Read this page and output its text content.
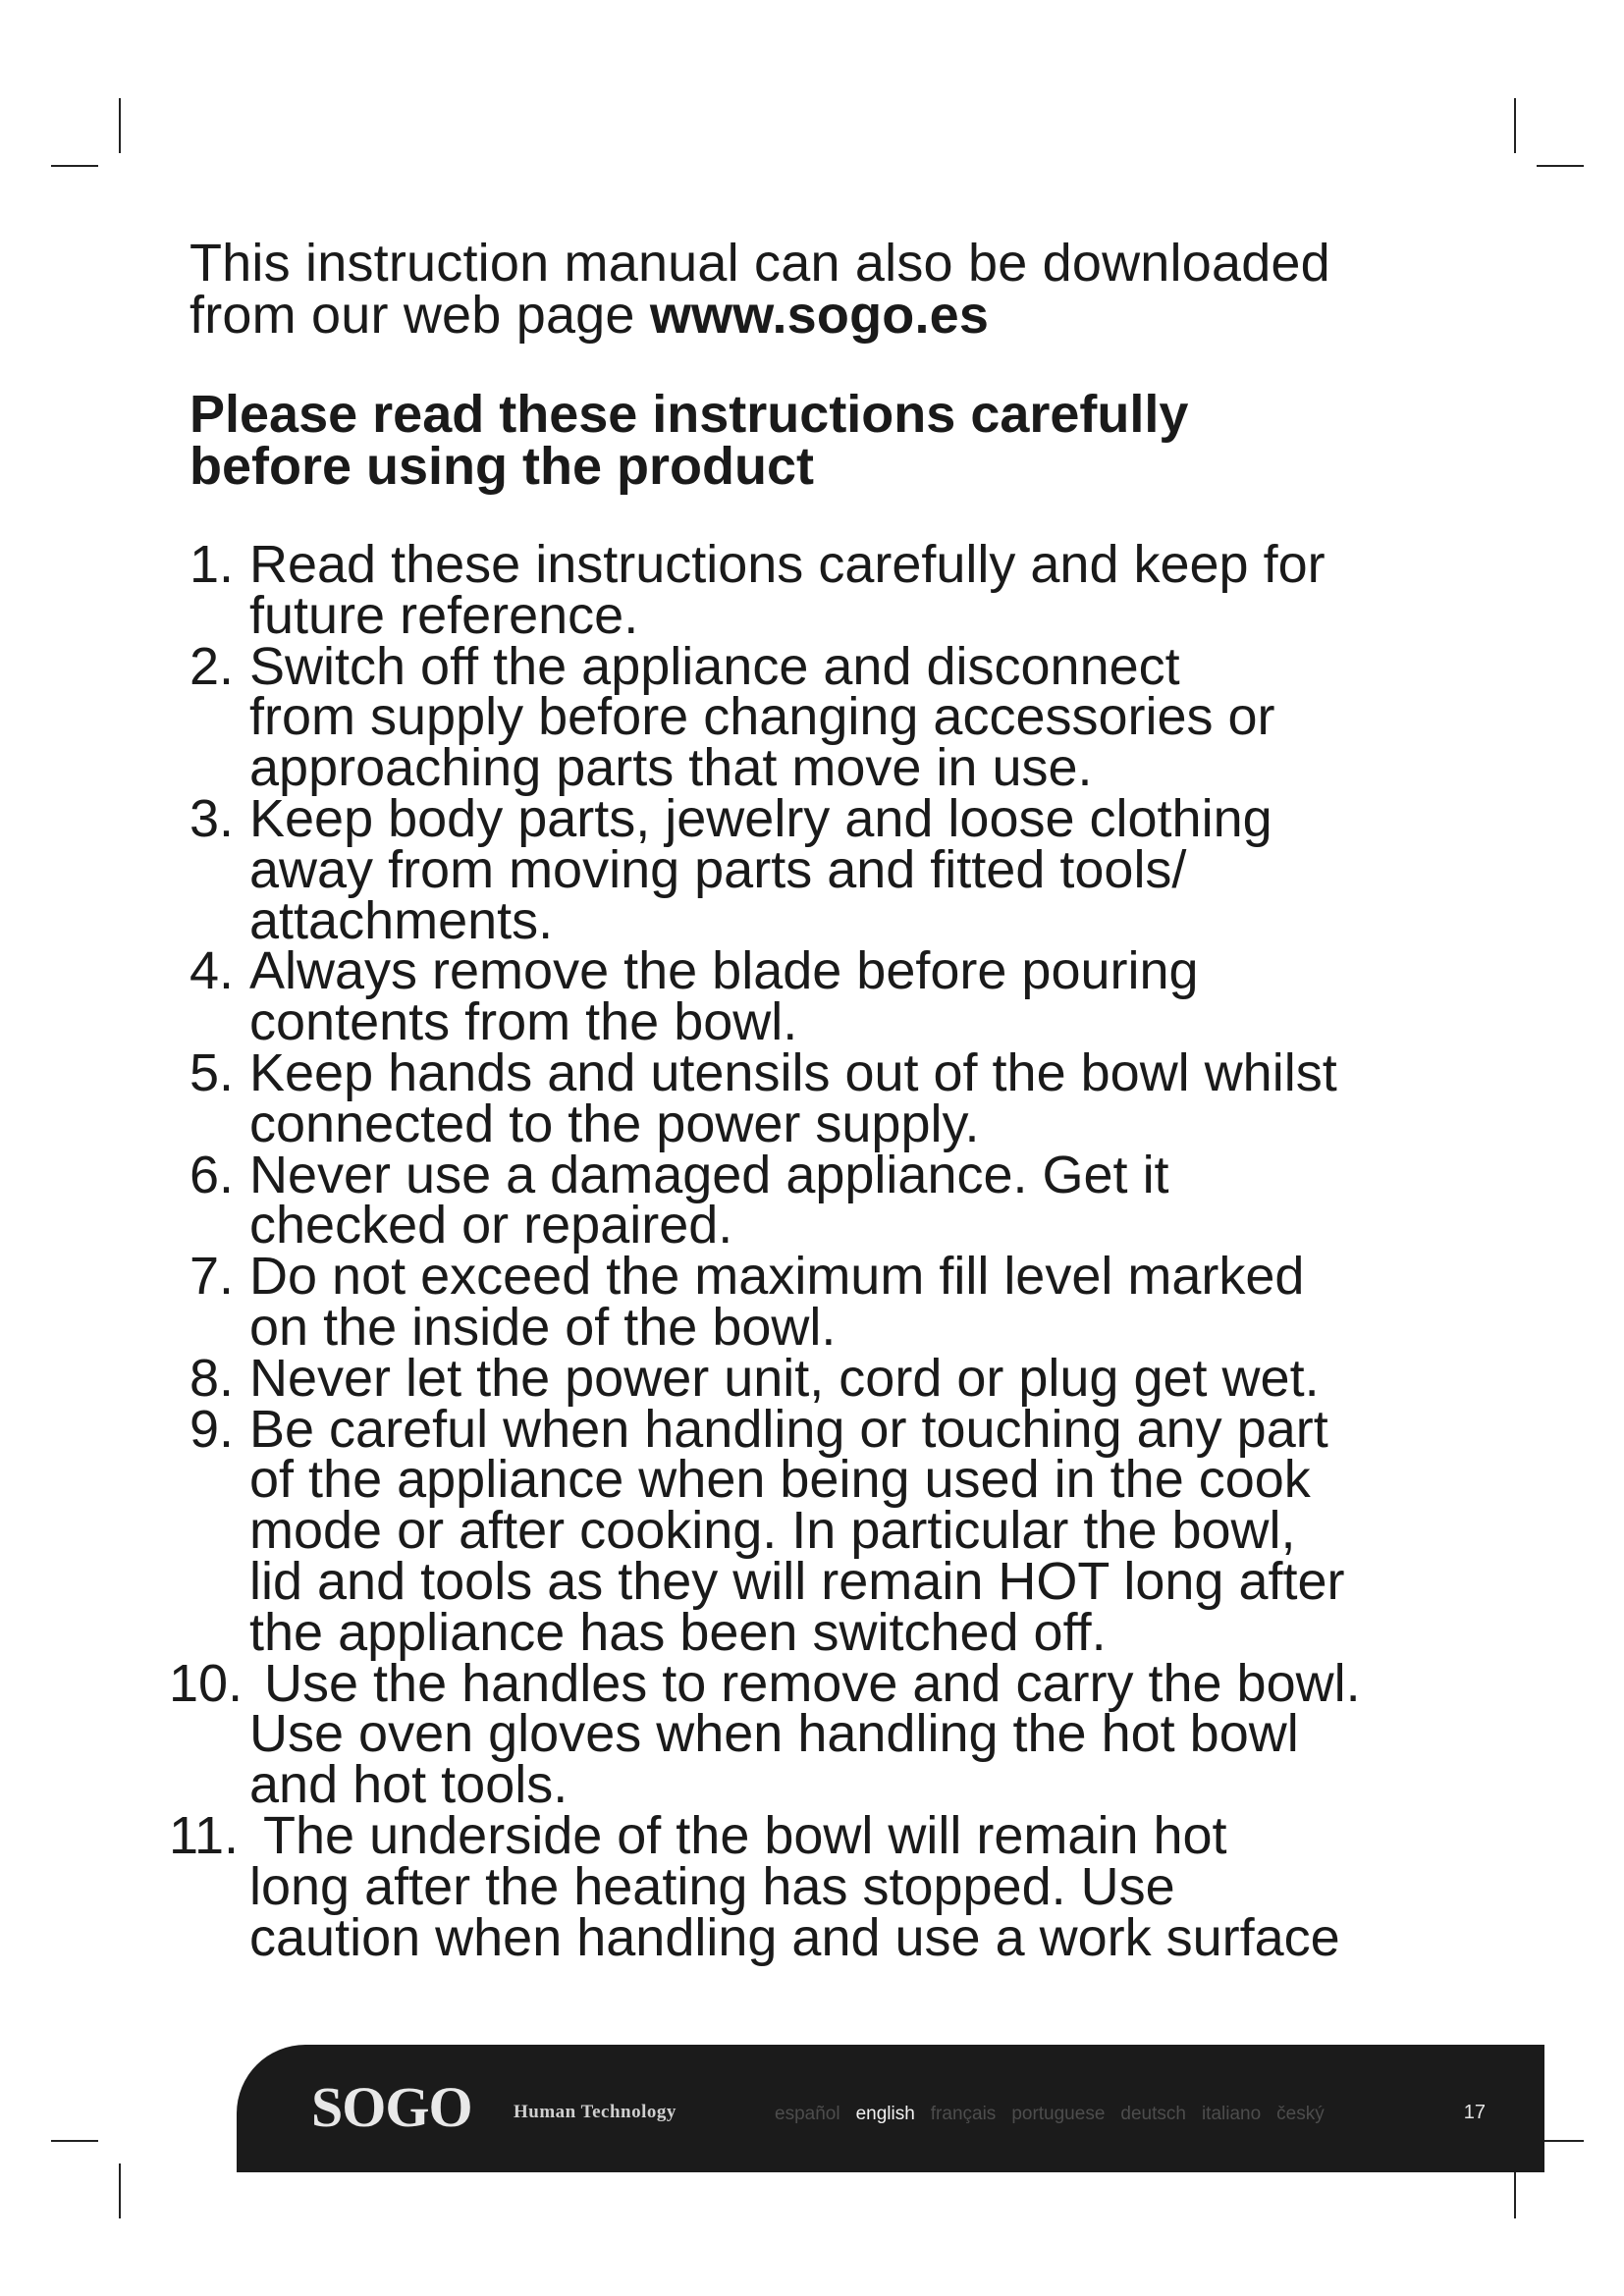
This instruction manual can also be downloaded
from our web page www.sogo.es
Please read these instructions carefully
before using the product
1. Read these instructions carefully and keep for
future reference.
2. Switch off the appliance and disconnect
from supply before changing accessories or
approaching parts that move in use.
3. Keep body parts, jewelry and loose clothing
away from moving parts and fitted tools/
attachments.
4. Always remove the blade before pouring
contents from the bowl.
5. Keep hands and utensils out of the bowl whilst
connected to the power supply.
6. Never use a damaged appliance. Get it
checked or repaired.
7. Do not exceed the maximum fill level marked
on the inside of the bowl.
8. Never let the power unit, cord or plug get wet.
9. Be careful when handling or touching any part
of the appliance when being used in the cook
mode or after cooking. In particular the bowl,
lid and tools as they will remain HOT long after
the appliance has been switched off.
10. Use the handles to remove and carry the bowl.
Use oven gloves when handling the hot bowl
and hot tools.
11. The underside of the bowl will remain hot
long after the heating has stopped. Use
caution when handling and use a work surface
SOGO Human Technology	español english français portuguese deutsch italiano český	17
